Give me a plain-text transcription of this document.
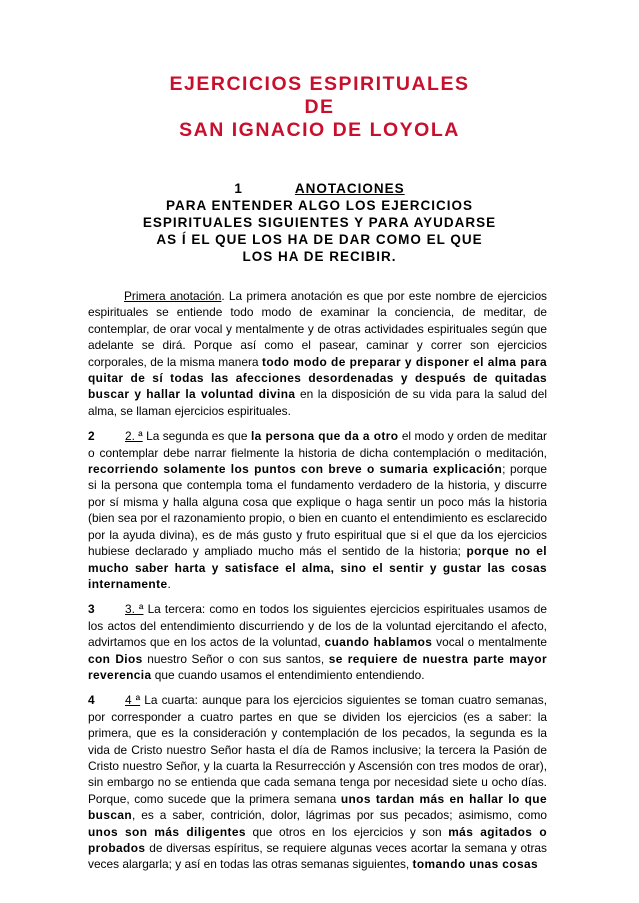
EJERCICIOS ESPIRITUALES
DE
SAN IGNACIO DE LOYOLA
1	ANOTACIONES
PARA ENTENDER ALGO LOS EJERCICIOS
ESPIRITUALES SIGUIENTES Y PARA AYUDARSE
AS Í EL QUE LOS HA DE DAR COMO EL QUE
LOS HA DE RECIBIR.

Primera anotación. La primera anotación es que por este nombre de ejercicios espirituales se entiende todo modo de examinar la conciencia, de meditar, de contemplar, de orar vocal y mentalmente y de otras actividades espirituales según que adelante se dirá. Porque así como el pasear, caminar y correr son ejercicios corporales, de la misma manera todo modo de preparar y disponer el alma para quitar de sí todas las afecciones desordenadas y después de quitadas buscar y hallar la voluntad divina en la disposición de su vida para la salud del alma, se llaman ejercicios espirituales.

2	2. ª La segunda es que la persona que da a otro el modo y orden de meditar o contemplar debe narrar fielmente la historia de dicha contemplación o meditación, recorriendo solamente los puntos con breve o sumaria explicación; porque si la persona que contempla toma el fundamento verdadero de la historia, y discurre por sí misma y halla alguna cosa que explique o haga sentir un poco más la historia (bien sea por el razonamiento propio, o bien en cuanto el entendimiento es esclarecido por la ayuda divina), es de más gusto y fruto espiritual que si el que da los ejercicios hubiese declarado y ampliado mucho más el sentido de la historia; porque no el mucho saber harta y satisface el alma, sino el sentir y gustar las cosas internamente.

3	3. ª La tercera: como en todos los siguientes ejercicios espirituales usamos de los actos del entendimiento discurriendo y de los de la voluntad ejercitando el afecto, advirtamos que en los actos de la voluntad, cuando hablamos vocal o mentalmente con Dios nuestro Señor o con sus santos, se requiere de nuestra parte mayor reverencia que cuando usamos el entendimiento entendiendo.

4	4 ª La cuarta: aunque para los ejercicios siguientes se toman cuatro semanas, por corresponder a cuatro partes en que se dividen los ejercicios (es a saber: la primera, que es la consideración y contemplación de los pecados, la segunda es la vida de Cristo nuestro Señor hasta el día de Ramos inclusive; la tercera la Pasión de Cristo nuestro Señor, y la cuarta la Resurrección y Ascensión con tres modos de orar), sin embargo no se entienda que cada semana tenga por necesidad siete u ocho días. Porque, como sucede que la primera semana unos tardan más en hallar lo que buscan, es a saber, contrición, dolor, lágrimas por sus pecados; asimismo, como unos son más diligentes que otros en los ejercicios y son más agitados o probados de diversas espíritus, se requiere algunas veces acortar la semana y otras veces alargarla; y así en todas las otras semanas siguientes, tomando unas cosas
